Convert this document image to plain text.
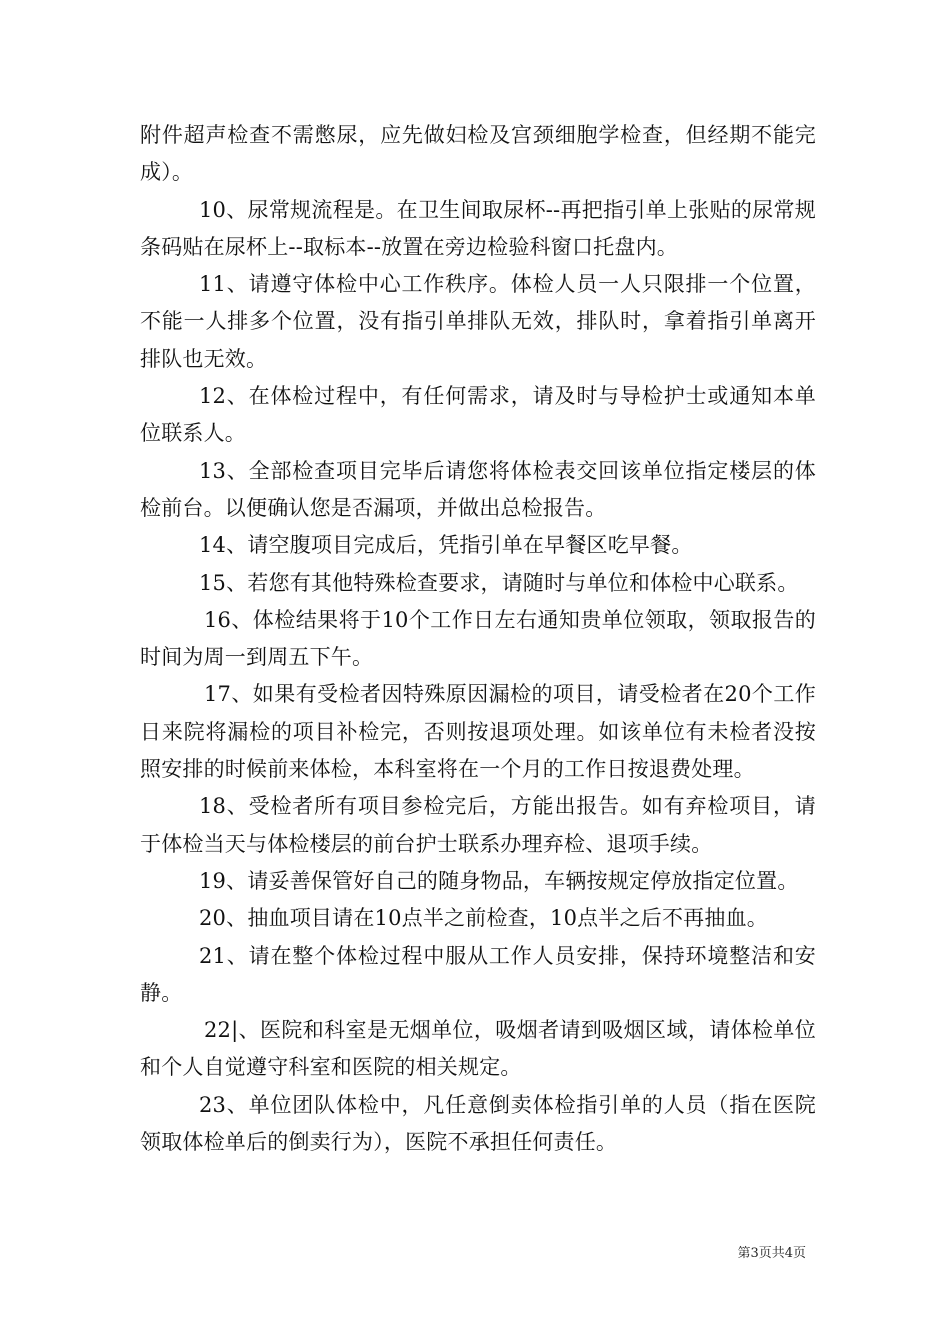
附件超声检查不需憋尿，应先做妇检及宫颈细胞学检查，但经期不能完成）。

10、尿常规流程是。在卫生间取尿杯--再把指引单上张贴的尿常规条码贴在尿杯上--取标本--放置在旁边检验科窗口托盘内。

11、请遵守体检中心工作秩序。体检人员一人只限排一个位置，不能一人排多个位置，没有指引单排队无效，排队时，拿着指引单离开排队也无效。

12、在体检过程中，有任何需求，请及时与导检护士或通知本单位联系人。

13、全部检查项目完毕后请您将体检表交回该单位指定楼层的体检前台。以便确认您是否漏项，并做出总检报告。

14、请空腹项目完成后，凭指引单在早餐区吃早餐。

15、若您有其他特殊检查要求，请随时与单位和体检中心联系。

16、体检结果将于10个工作日左右通知贵单位领取，领取报告的时间为周一到周五下午。

17、如果有受检者因特殊原因漏检的项目，请受检者在20个工作日来院将漏检的项目补检完，否则按退项处理。如该单位有未检者没按照安排的时候前来体检，本科室将在一个月的工作日按退费处理。

18、受检者所有项目参检完后，方能出报告。如有弃检项目，请于体检当天与体检楼层的前台护士联系办理弃检、退项手续。

19、请妥善保管好自己的随身物品，车辆按规定停放指定位置。

20、抽血项目请在10点半之前检查，10点半之后不再抽血。

21、请在整个体检过程中服从工作人员安排，保持环境整洁和安静。

22|、医院和科室是无烟单位，吸烟者请到吸烟区域，请体检单位和个人自觉遵守科室和医院的相关规定。

23、单位团队体检中，凡任意倒卖体检指引单的人员（指在医院领取体检单后的倒卖行为），医院不承担任何责任。

第3页共4页
